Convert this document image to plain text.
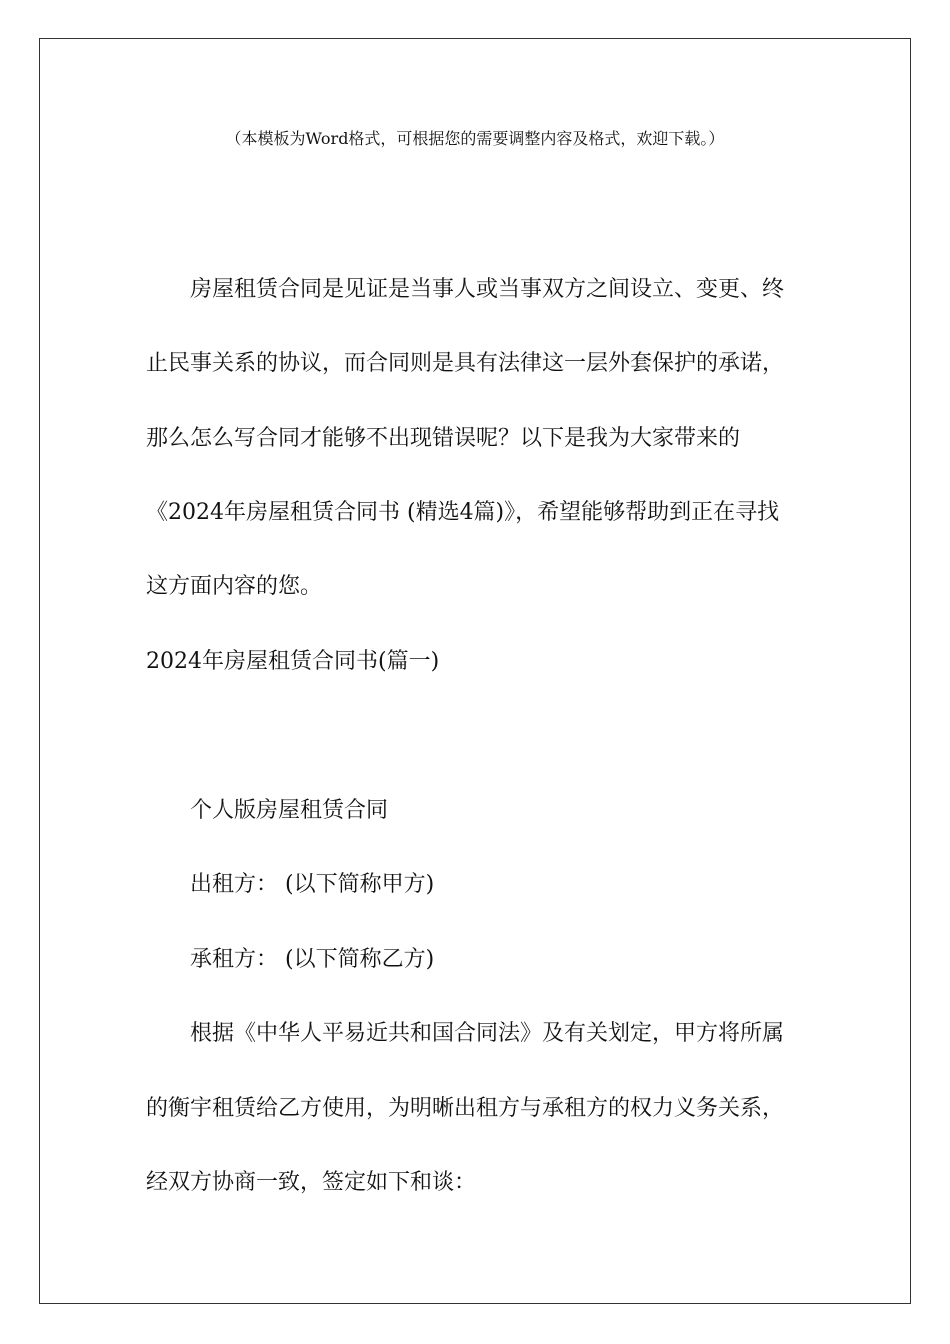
（本模板为Word格式，可根据您的需要调整内容及格式，欢迎下载。）
房屋租赁合同是见证是当事人或当事双方之间设立、变更、终
止民事关系的协议，而合同则是具有法律这一层外套保护的承诺，
那么怎么写合同才能够不出现错误呢？以下是我为大家带来的
《2024年房屋租赁合同书 (精选4篇)》，希望能够帮助到正在寻找
这方面内容的您。
2024年房屋租赁合同书(篇一)
个人版房屋租赁合同
出租方： (以下简称甲方)
承租方： (以下简称乙方)
根据《中华人平易近共和国合同法》及有关划定，甲方将所属
的衡宇租赁给乙方使用，为明晰出租方与承租方的权力义务关系，
经双方协商一致，签定如下和谈：
